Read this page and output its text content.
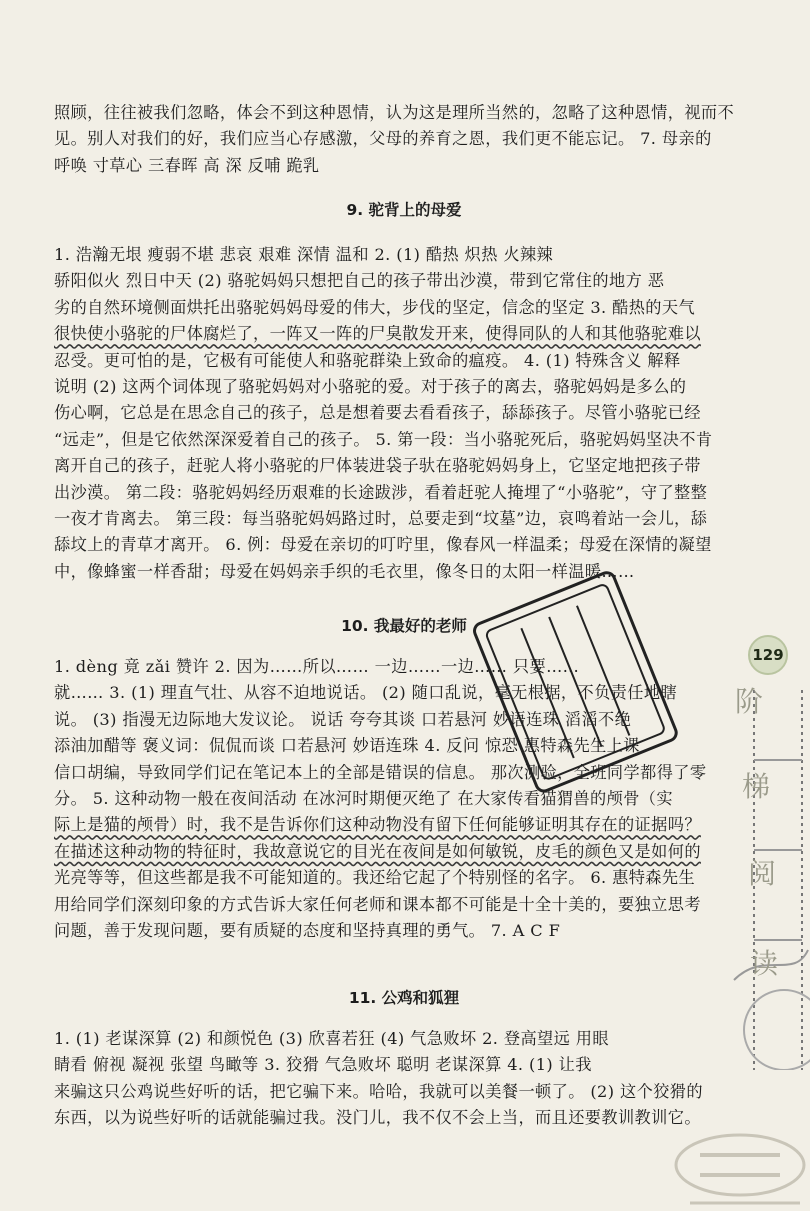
照顾，往往被我们忽略，体会不到这种恩情，认为这是理所当然的，忽略了这种恩情，视而不

见。别人对我们的好，我们应当心存感激，父母的养育之恩，我们更不能忘记。 7. 母亲的

呼唤 寸草心 三春晖 高 深 反哺 跪乳

9. 驼背上的母爱

1. 浩瀚无垠 瘦弱不堪 悲哀 艰难 深情 温和 2. (1) 酷热 炽热 火辣辣

骄阳似火 烈日中天 (2) 骆驼妈妈只想把自己的孩子带出沙漠，带到它常住的地方 恶

劣的自然环境侧面烘托出骆驼妈妈母爱的伟大，步伐的坚定，信念的坚定 3. 酷热的天气

很快使小骆驼的尸体腐烂了，一阵又一阵的尸臭散发开来，使得同队的人和其他骆驼难以

忍受。更可怕的是，它极有可能使人和骆驼群染上致命的瘟疫。 4. (1) 特殊含义 解释

说明 (2) 这两个词体现了骆驼妈妈对小骆驼的爱。对于孩子的离去，骆驼妈妈是多么的

伤心啊，它总是在思念自己的孩子，总是想着要去看看孩子，舔舔孩子。尽管小骆驼已经

“远走”，但是它依然深深爱着自己的孩子。 5. 第一段：当小骆驼死后，骆驼妈妈坚决不肯

离开自己的孩子，赶驼人将小骆驼的尸体装进袋子驮在骆驼妈妈身上，它坚定地把孩子带

出沙漠。 第二段：骆驼妈妈经历艰难的长途跋涉，看着赶驼人掩埋了“小骆驼”，守了整整

一夜才肯离去。 第三段：每当骆驼妈妈路过时，总要走到“坟墓”边，哀鸣着站一会儿，舔

舔坟上的青草才离开。 6. 例：母爱在亲切的叮咛里，像春风一样温柔；母爱在深情的凝望

中，像蜂蜜一样香甜；母爱在妈妈亲手织的毛衣里，像冬日的太阳一样温暖……

10. 我最好的老师

1. dèng 竟 zǎi 赞许 2. 因为……所以…… 一边……一边…… 只要……

就…… 3. (1) 理直气壮、从容不迫地说话。 (2) 随口乱说，毫无根据，不负责任地瞎

说。 (3) 指漫无边际地大发议论。 说话 夸夸其谈 口若悬河 妙语连珠 滔滔不绝

添油加醋等 褒义词：侃侃而谈 口若悬河 妙语连珠 4. 反问 惊恐 惠特森先生上课

信口胡编，导致同学们记在笔记本上的全部是错误的信息。 那次测验，全班同学都得了零

分。 5. 这种动物一般在夜间活动 在冰河时期便灭绝了 在大家传看猫猬兽的颅骨（实

际上是猫的颅骨）时，我不是告诉你们这种动物没有留下任何能够证明其存在的证据吗？

在描述这种动物的特征时，我故意说它的目光在夜间是如何敏锐，皮毛的颜色又是如何的

光亮等等，但这些都是我不可能知道的。我还给它起了个特别怪的名字。 6. 惠特森先生

用给同学们深刻印象的方式告诉大家任何老师和课本都不可能是十全十美的，要独立思考

问题，善于发现问题，要有质疑的态度和坚持真理的勇气。 7. A C F

11. 公鸡和狐狸

1. (1) 老谋深算 (2) 和颜悦色 (3) 欣喜若狂 (4) 气急败坏 2. 登高望远 用眼

睛看 俯视 凝视 张望 鸟瞰等 3. 狡猾 气急败坏 聪明 老谋深算 4. (1) 让我

来骗这只公鸡说些好听的话，把它骗下来。哈哈，我就可以美餐一顿了。 (2) 这个狡猾的

东西，以为说些好听的话就能骗过我。没门儿，我不仅不会上当，而且还要教训教训它。

129
阶
梯
阅
读
